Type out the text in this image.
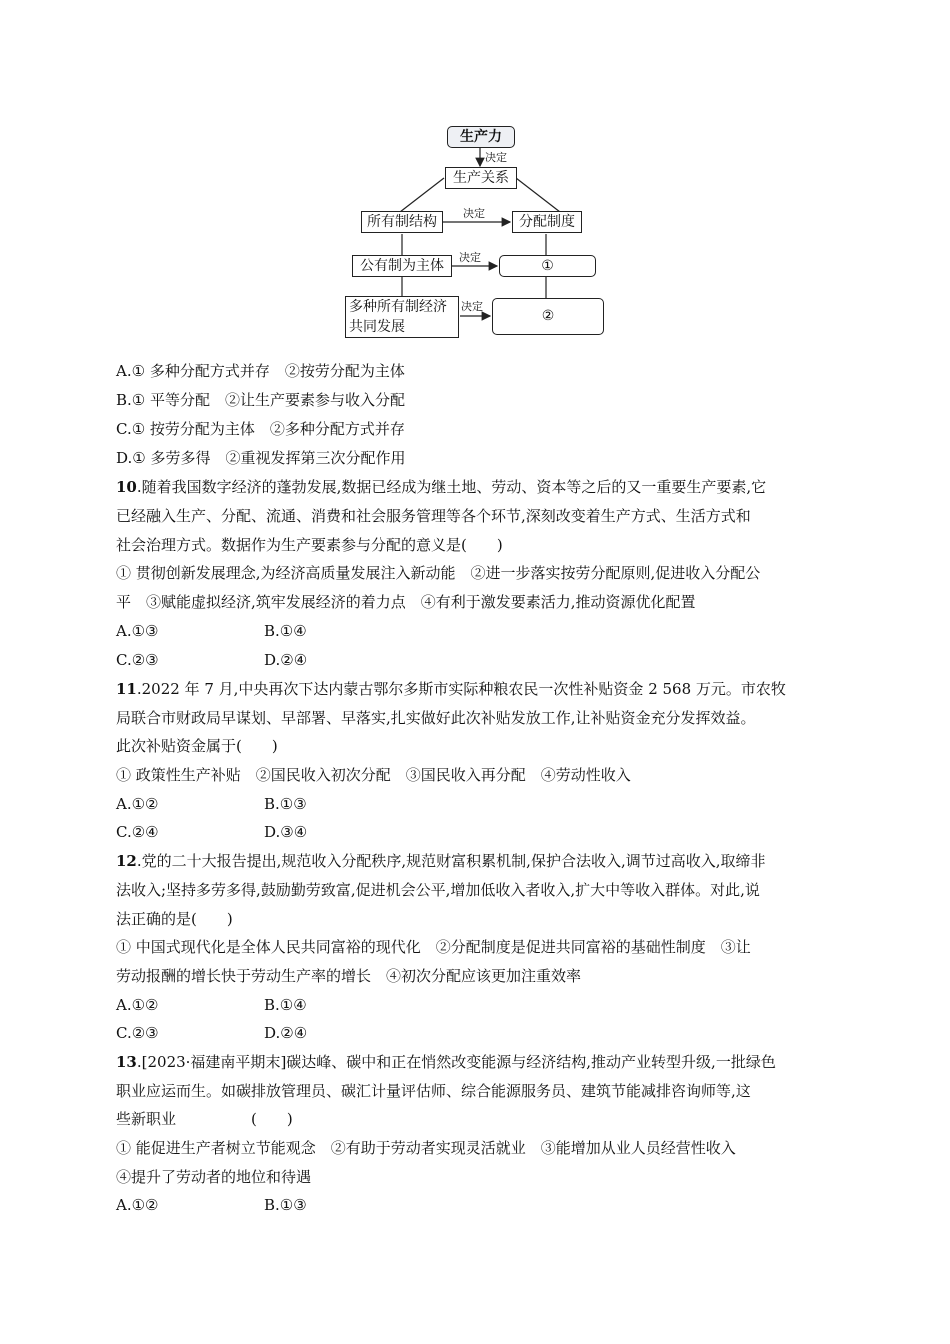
生产力
决定
生产关系
所有制结构
决定
分配制度
公有制为主体
决定
①
多种所有制经济
共同发展
决定
②
A.① 多种分配方式并存　②按劳分配为主体
B.① 平等分配　②让生产要素参与收入分配
C.① 按劳分配为主体　②多种分配方式并存
D.① 多劳多得　②重视发挥第三次分配作用
10.随着我国数字经济的蓬勃发展,数据已经成为继土地、劳动、资本等之后的又一重要生产要素,它
已经融入生产、分配、流通、消费和社会服务管理等各个环节,深刻改变着生产方式、生活方式和
社会治理方式。数据作为生产要素参与分配的意义是(　　)
① 贯彻创新发展理念,为经济高质量发展注入新动能　②进一步落实按劳分配原则,促进收入分配公
平　③赋能虚拟经济,筑牢发展经济的着力点　④有利于激发要素活力,推动资源优化配置
A.①③	B.①④
C.②③	D.②④
11.2022 年 7 月,中央再次下达内蒙古鄂尔多斯市实际种粮农民一次性补贴资金 2 568 万元。市农牧
局联合市财政局早谋划、早部署、早落实,扎实做好此次补贴发放工作,让补贴资金充分发挥效益。
此次补贴资金属于(　　)
① 政策性生产补贴　②国民收入初次分配　③国民收入再分配　④劳动性收入
A.①②	B.①③
C.②④	D.③④
12.党的二十大报告提出,规范收入分配秩序,规范财富积累机制,保护合法收入,调节过高收入,取缔非
法收入;坚持多劳多得,鼓励勤劳致富,促进机会公平,增加低收入者收入,扩大中等收入群体。对此,说
法正确的是(　　)
① 中国式现代化是全体人民共同富裕的现代化　②分配制度是促进共同富裕的基础性制度　③让
劳动报酬的增长快于劳动生产率的增长　④初次分配应该更加注重效率
A.①②	B.①④
C.②③	D.②④
13.[2023·福建南平期末]碳达峰、碳中和正在悄然改变能源与经济结构,推动产业转型升级,一批绿色
职业应运而生。如碳排放管理员、碳汇计量评估师、综合能源服务员、建筑节能减排咨询师等,这
些新职业　　　　　(　　)
① 能促进生产者树立节能观念　②有助于劳动者实现灵活就业　③能增加从业人员经营性收入
④提升了劳动者的地位和待遇
A.①②	B.①③
